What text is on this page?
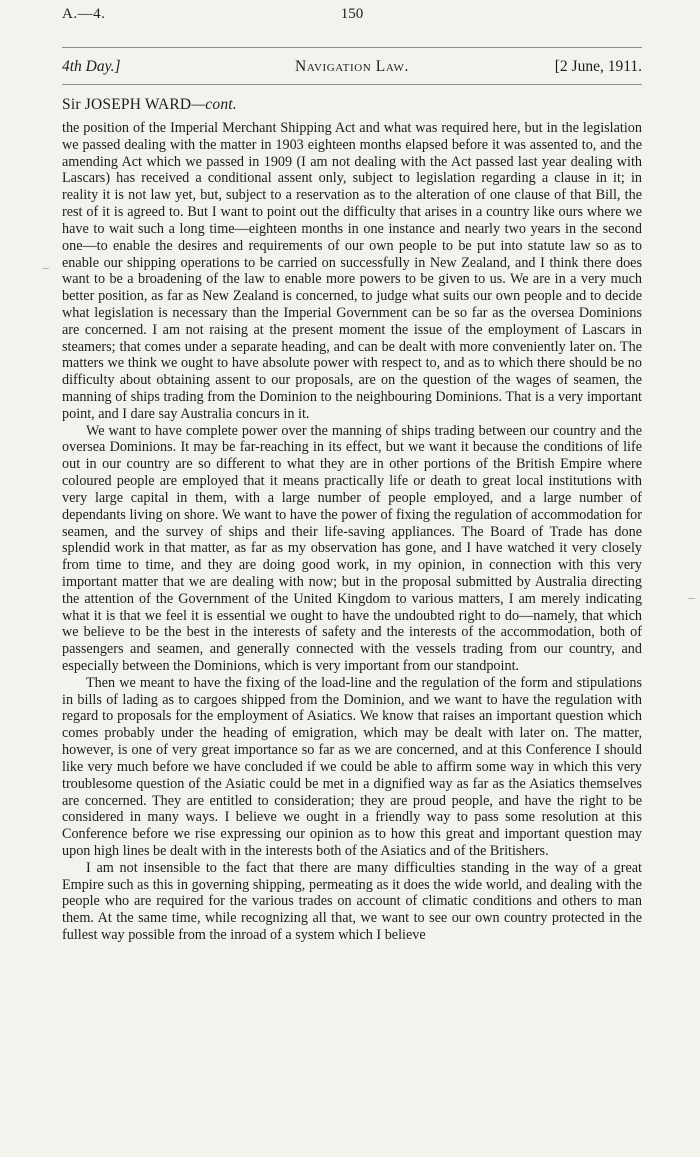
A.—4.	150
4th Day.]	Navigation Law.	[2 June, 1911.
Sir JOSEPH WARD—cont.

the position of the Imperial Merchant Shipping Act and what was required here, but in the legislation we passed dealing with the matter in 1903 eighteen months elapsed before it was assented to, and the amending Act which we passed in 1909 (I am not dealing with the Act passed last year dealing with Lascars) has received a conditional assent only, subject to legislation regarding a clause in it; in reality it is not law yet, but, subject to a reservation as to the alteration of one clause of that Bill, the rest of it is agreed to. But I want to point out the difficulty that arises in a country like ours where we have to wait such a long time—eighteen months in one instance and nearly two years in the second one—to enable the desires and requirements of our own people to be put into statute law so as to enable our shipping operations to be carried on successfully in New Zealand, and I think there does want to be a broadening of the law to enable more powers to be given to us. We are in a very much better position, as far as New Zealand is concerned, to judge what suits our own people and to decide what legislation is necessary than the Imperial Government can be so far as the oversea Dominions are concerned. I am not raising at the present moment the issue of the employment of Lascars in steamers; that comes under a separate heading, and can be dealt with more conveniently later on. The matters we think we ought to have absolute power with respect to, and as to which there should be no difficulty about obtaining assent to our proposals, are on the question of the wages of seamen, the manning of ships trading from the Dominion to the neighbouring Dominions. That is a very important point, and I dare say Australia concurs in it.

We want to have complete power over the manning of ships trading between our country and the oversea Dominions. It may be far-reaching in its effect, but we want it because the conditions of life out in our country are so different to what they are in other portions of the British Empire where coloured people are employed that it means practically life or death to great local institutions with very large capital in them, with a large number of people employed, and a large number of dependants living on shore. We want to have the power of fixing the regulation of accommodation for seamen, and the survey of ships and their life-saving appliances. The Board of Trade has done splendid work in that matter, as far as my observation has gone, and I have watched it very closely from time to time, and they are doing good work, in my opinion, in connection with this very important matter that we are dealing with now; but in the proposal submitted by Australia directing the attention of the Government of the United Kingdom to various matters, I am merely indicating what it is that we feel it is essential we ought to have the undoubted right to do—namely, that which we believe to be the best in the interests of safety and the interests of the accommodation, both of passengers and seamen, and generally connected with the vessels trading from our country, and especially between the Dominions, which is very important from our standpoint.

Then we meant to have the fixing of the load-line and the regulation of the form and stipulations in bills of lading as to cargoes shipped from the Dominion, and we want to have the regulation with regard to proposals for the employment of Asiatics. We know that raises an important question which comes probably under the heading of emigration, which may be dealt with later on. The matter, however, is one of very great importance so far as we are concerned, and at this Conference I should like very much before we have concluded if we could be able to affirm some way in which this very troublesome question of the Asiatic could be met in a dignified way as far as the Asiatics themselves are concerned. They are entitled to consideration; they are proud people, and have the right to be considered in many ways. I believe we ought in a friendly way to pass some resolution at this Conference before we rise expressing our opinion as to how this great and important question may upon high lines be dealt with in the interests both of the Asiatics and of the Britishers.

I am not insensible to the fact that there are many difficulties standing in the way of a great Empire such as this in governing shipping, permeating as it does the wide world, and dealing with the people who are required for the various trades on account of climatic conditions and others to man them. At the same time, while recognizing all that, we want to see our own country protected in the fullest way possible from the inroad of a system which I believe
